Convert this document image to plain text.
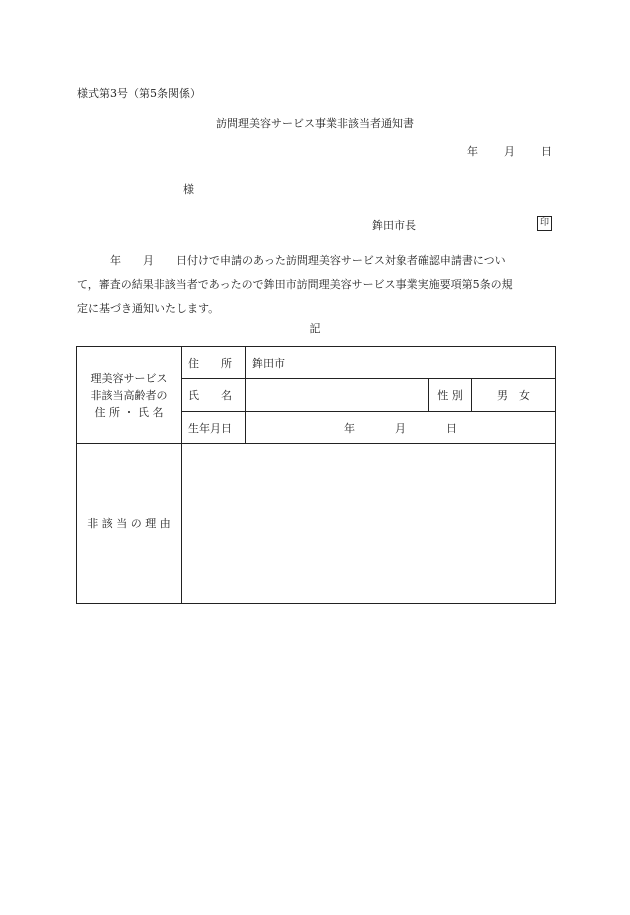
様式第3号（第5条関係）
訪問理美容サービス事業非該当者通知書
年 月 日
様
鉾田市長	印
　　　年　　月　　日付けで申請のあった訪問理美容サービス対象者確認申請書につい
て，審査の結果非該当者であったので鉾田市訪問理美容サービス事業実施要項第5条の規
定に基づき通知いたします。
記
理美容サービス
非該当高齢者の
住 所 ・ 氏 名	住　　所	鉾田市		
	氏　　名		性 別	男　女
	生年月日	年 月 日		
非 該 当 の 理 由				
